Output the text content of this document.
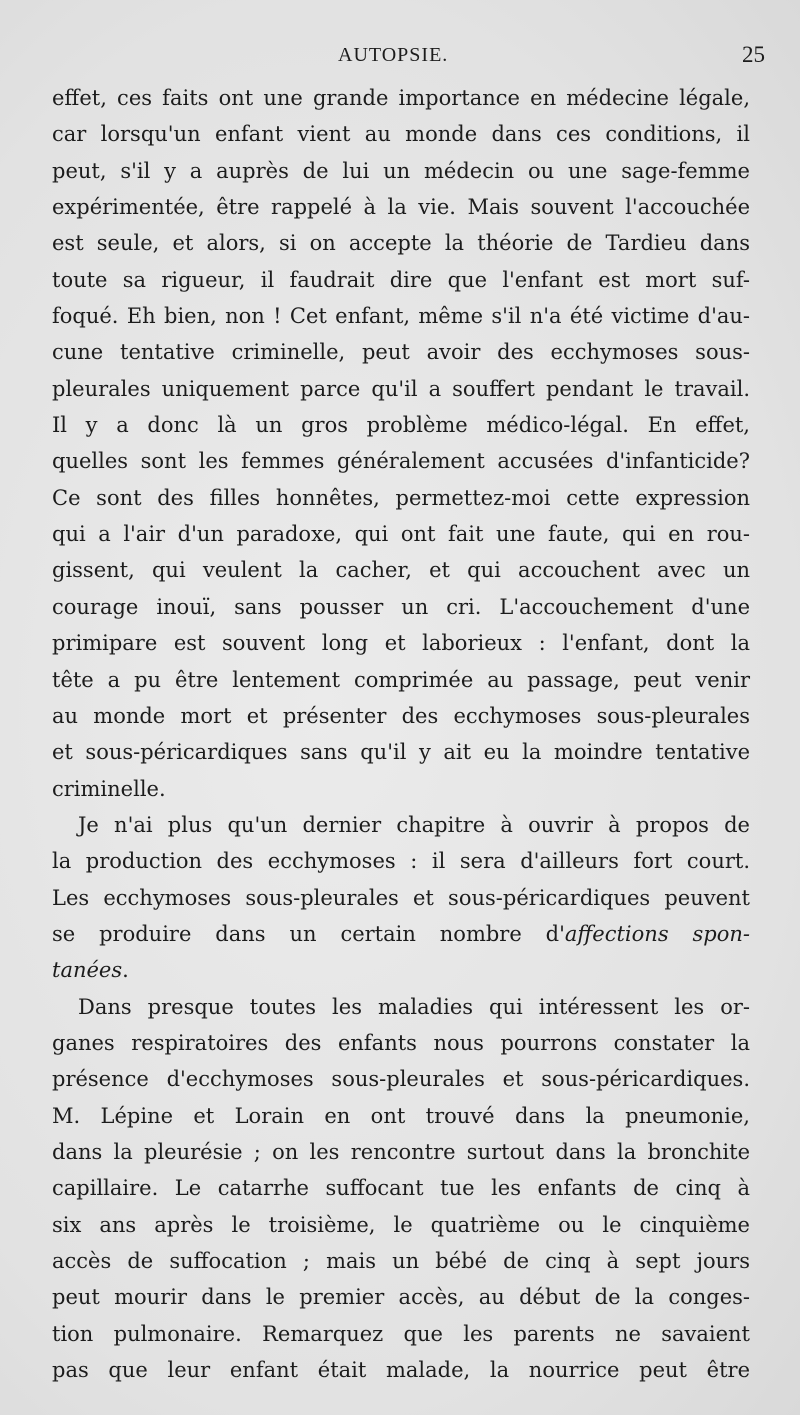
AUTOPSIE.	25
effet, ces faits ont une grande importance en médecine légale,
car lorsqu'un enfant vient au monde dans ces conditions, il
peut, s'il y a auprès de lui un médecin ou une sage-femme
expérimentée, être rappelé à la vie. Mais souvent l'accouchée
est seule, et alors, si on accepte la théorie de Tardieu dans
toute sa rigueur, il faudrait dire que l'enfant est mort suf-
foqué. Eh bien, non ! Cet enfant, même s'il n'a été victime d'au-
cune tentative criminelle, peut avoir des ecchymoses sous-
pleurales uniquement parce qu'il a souffert pendant le travail.
Il y a donc là un gros problème médico-légal. En effet,
quelles sont les femmes généralement accusées d'infanticide?
Ce sont des filles honnêtes, permettez-moi cette expression
qui a l'air d'un paradoxe, qui ont fait une faute, qui en rou-
gissent, qui veulent la cacher, et qui accouchent avec un
courage inouï, sans pousser un cri. L'accouchement d'une
primipare est souvent long et laborieux : l'enfant, dont la
tête a pu être lentement comprimée au passage, peut venir
au monde mort et présenter des ecchymoses sous-pleurales
et sous-péricardiques sans qu'il y ait eu la moindre tentative
criminelle.
Je n'ai plus qu'un dernier chapitre à ouvrir à propos de
la production des ecchymoses : il sera d'ailleurs fort court.
Les ecchymoses sous-pleurales et sous-péricardiques peuvent
se produire dans un certain nombre d'affections spon-
tanées.
Dans presque toutes les maladies qui intéressent les or-
ganes respiratoires des enfants nous pourrons constater la
présence d'ecchymoses sous-pleurales et sous-péricardiques.
M. Lépine et Lorain en ont trouvé dans la pneumonie,
dans la pleurésie ; on les rencontre surtout dans la bronchite
capillaire. Le catarrhe suffocant tue les enfants de cinq à
six ans après le troisième, le quatrième ou le cinquième
accès de suffocation ; mais un bébé de cinq à sept jours
peut mourir dans le premier accès, au début de la conges-
tion pulmonaire. Remarquez que les parents ne savaient
pas que leur enfant était malade, la nourrice peut être
